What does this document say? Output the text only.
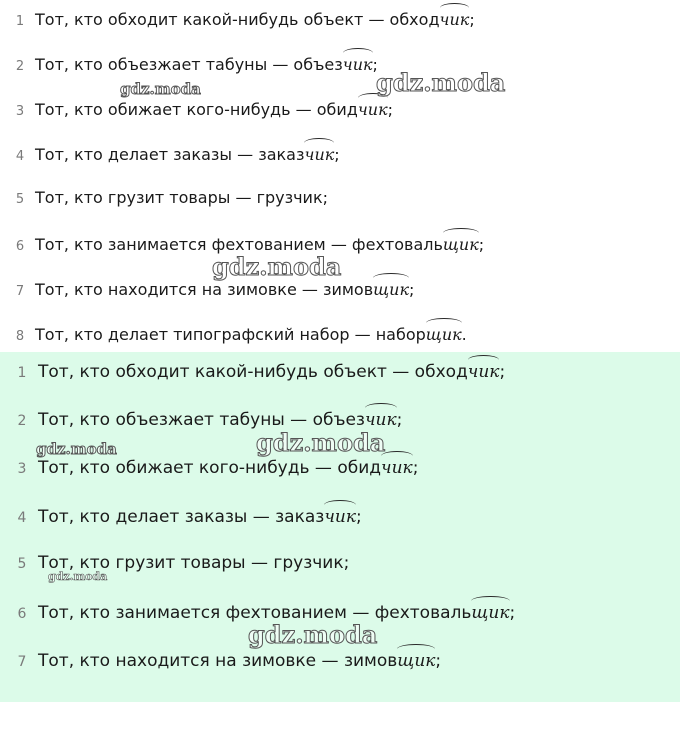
1 Тот, кто обходит какой-нибудь объект — обход чик ;
2 Тот, кто объезжает табуны — объез чик ;
3 Тот, кто обижает кого-нибудь — обид чик ;
4 Тот, кто делает заказы — заказ чик ;
5 Тот, кто грузит товары — грузчик;
6 Тот, кто занимается фехтованием — фехтоваль щик ;
7 Тот, кто находится на зимовке — зимов щик ;
8 Тот, кто делает типографский набор — набор щик .
gdz.moda	gdz.moda
gdz.moda
1 Тот, кто обходит какой-нибудь объект — обход чик ;
2 Тот, кто объезжает табуны — объез чик ;
3 Тот, кто обижает кого-нибудь — обид чик ;
4 Тот, кто делает заказы — заказ чик ;
5 Тот, кто грузит товары — грузчик;
6 Тот, кто занимается фехтованием — фехтоваль щик ;
7 Тот, кто находится на зимовке — зимов щик ;
gdz.moda	gdz.moda
gdz.moda
gdz.moda
